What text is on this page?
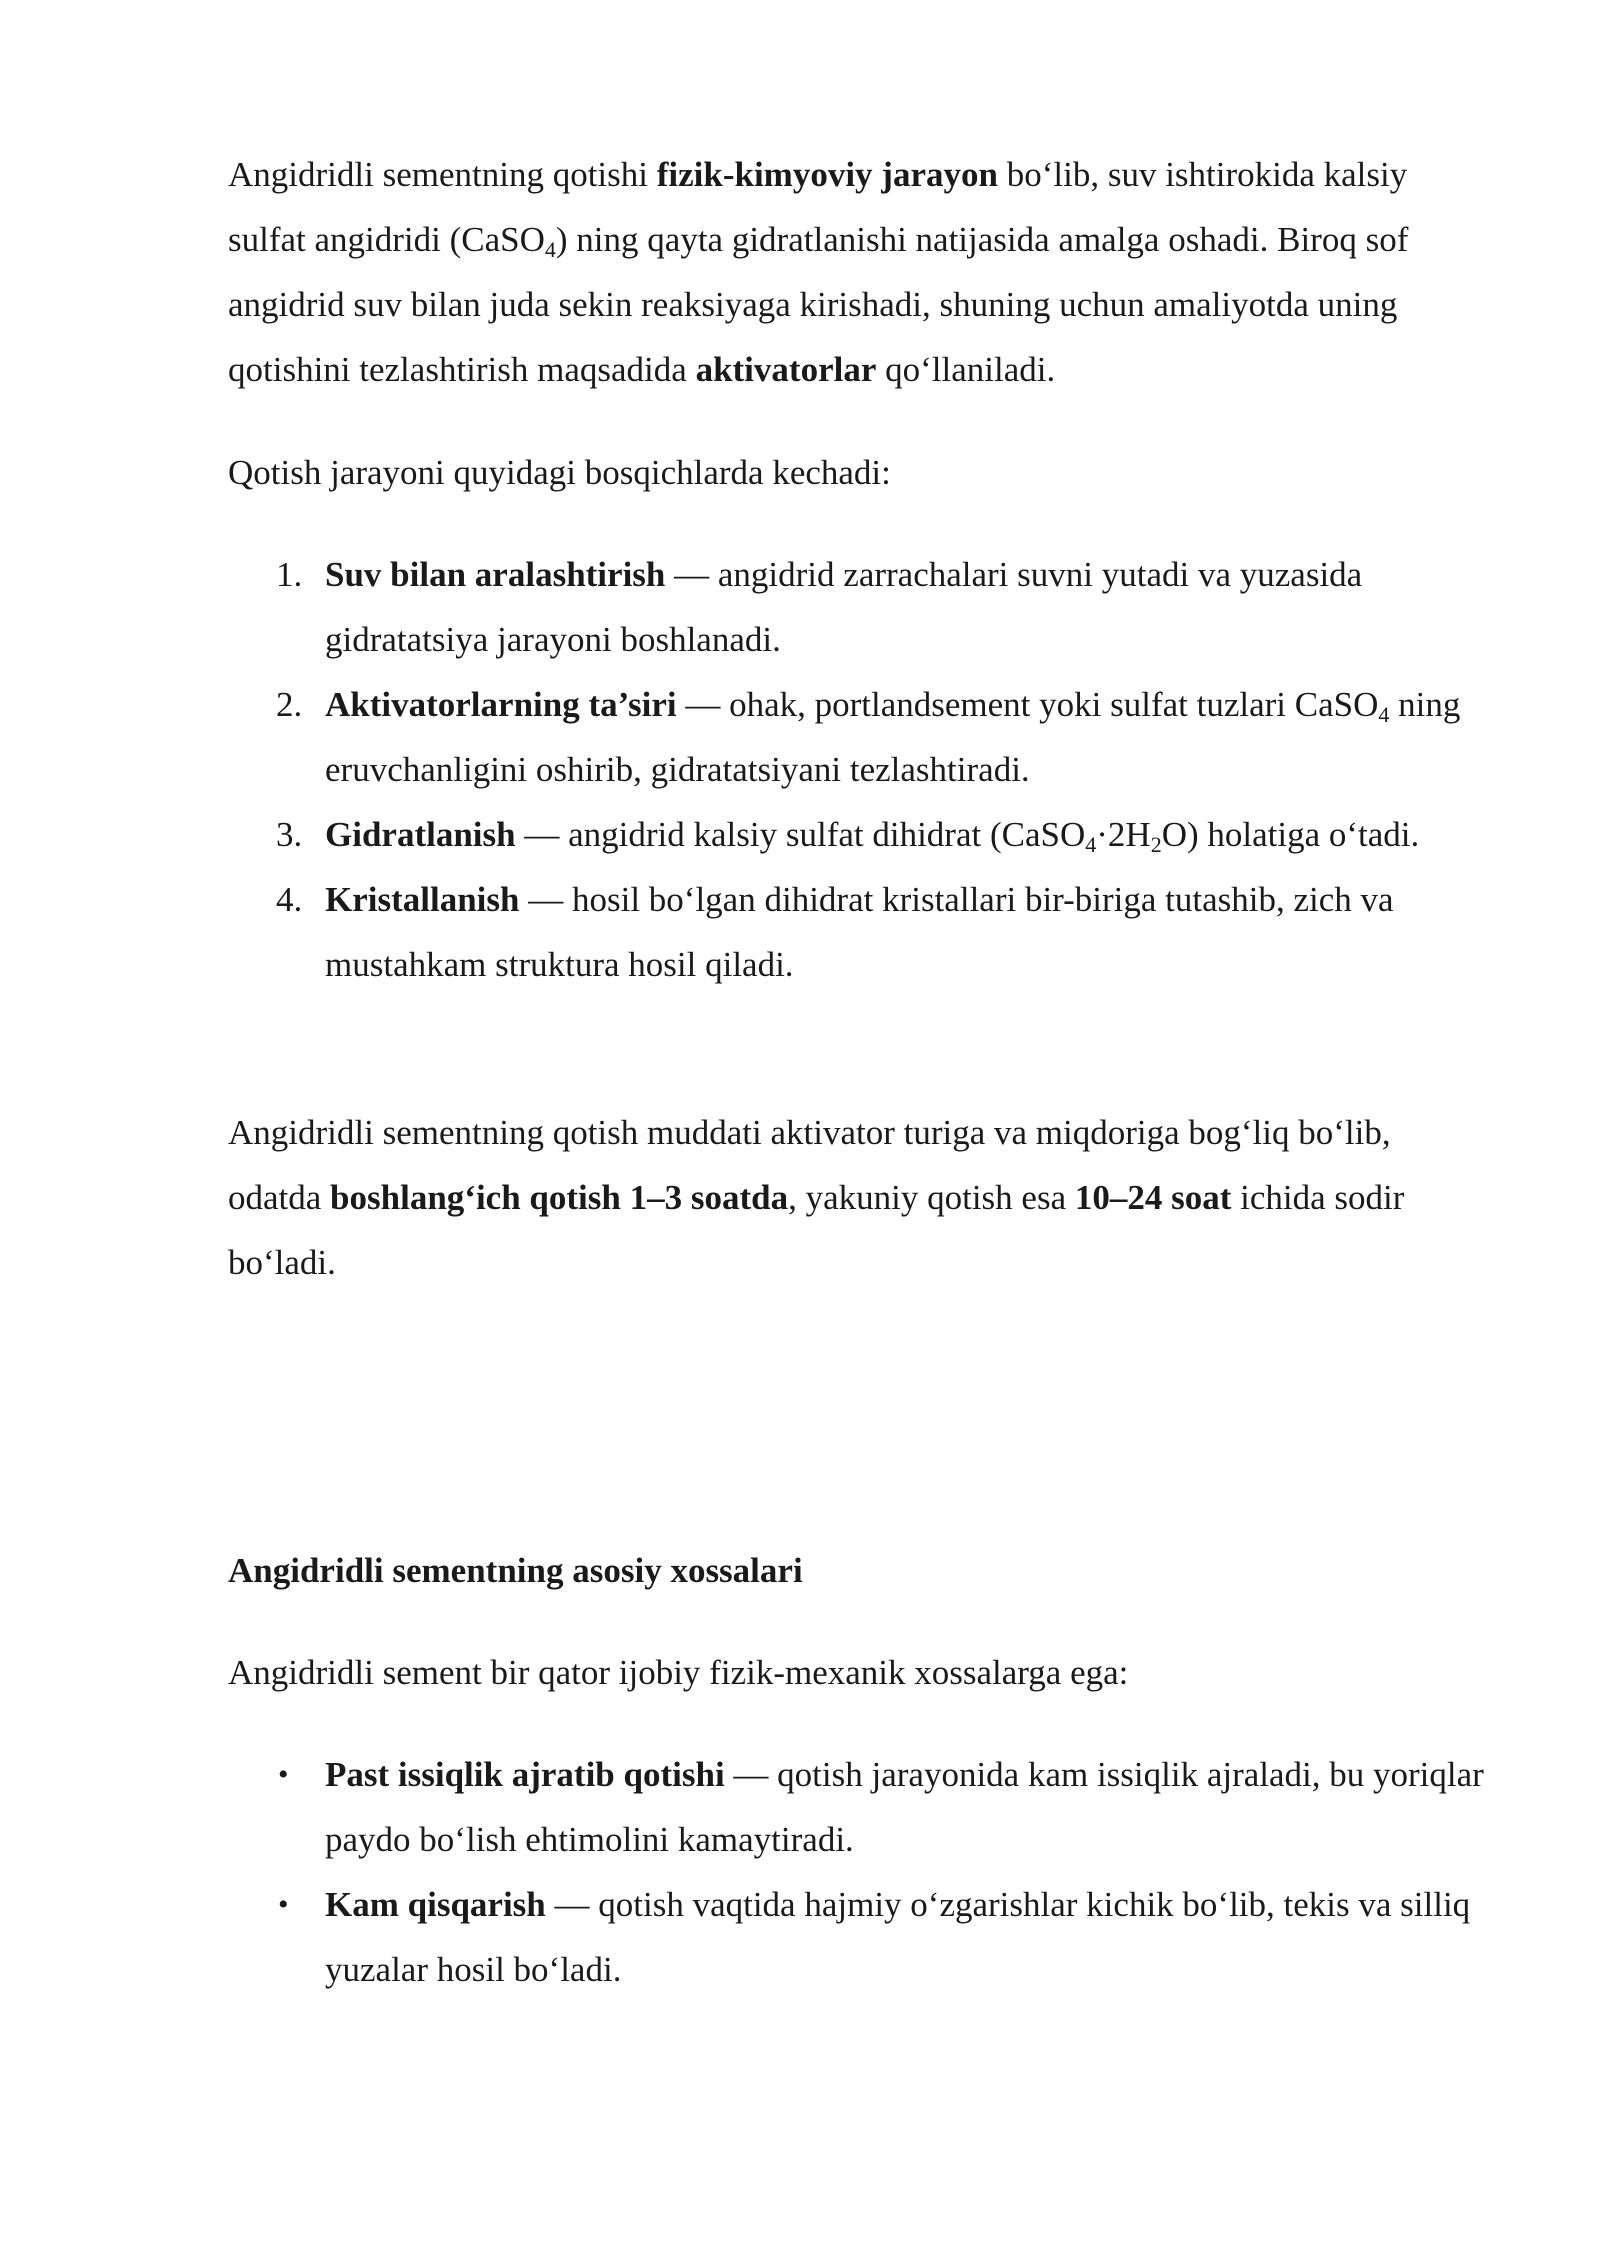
Angidridli sementning qotishi fizik-kimyoviy jarayon bo‘lib, suv ishtirokida kalsiy sulfat angidridi (CaSO$_4$) ning qayta gidratlanishi natijasida amalga oshadi. Biroq sof angidrid suv bilan juda sekin reaksiyaga kirishadi, shuning uchun amaliyotda uning qotishini tezlashtirish maqsadida aktivatorlar qo‘llaniladi.

Qotish jarayoni quyidagi bosqichlarda kechadi:

1. Suv bilan aralashtirish — angidrid zarrachalari suvni yutadi va yuzasida gidratatsiya jarayoni boshlanadi.
2. Aktivatorlarning ta’siri — ohak, portlandsement yoki sulfat tuzlari CaSO$_4$ ning eruvchanligini oshirib, gidratatsiyani tezlashtiradi.
3. Gidratlanish — angidrid kalsiy sulfat dihidrat $(CaSO_4\cdot 2H_2O)$ holatiga o‘tadi.
4. Kristallanish — hosil bo‘lgan dihidrat kristallari bir-biriga tutashib, zich va mustahkam struktura hosil qiladi.

Angidridli sementning qotish muddati aktivator turiga va miqdoriga bog‘liq bo‘lib, odatda boshlang‘ich qotish 1–3 soatda, yakuniy qotish esa 10–24 soat ichida sodir bo‘ladi.

Angidridli sementning asosiy xossalari

Angidridli sement bir qator ijobiy fizik-mexanik xossalarga ega:

• Past issiqlik ajratib qotishi — qotish jarayonida kam issiqlik ajraladi, bu yoriqlar paydo bo‘lish ehtimolini kamaytiradi.
• Kam qisqarish — qotish vaqtida hajmiy o‘zgarishlar kichik bo‘lib, tekis va silliq yuzalar hosil bo‘ladi.
